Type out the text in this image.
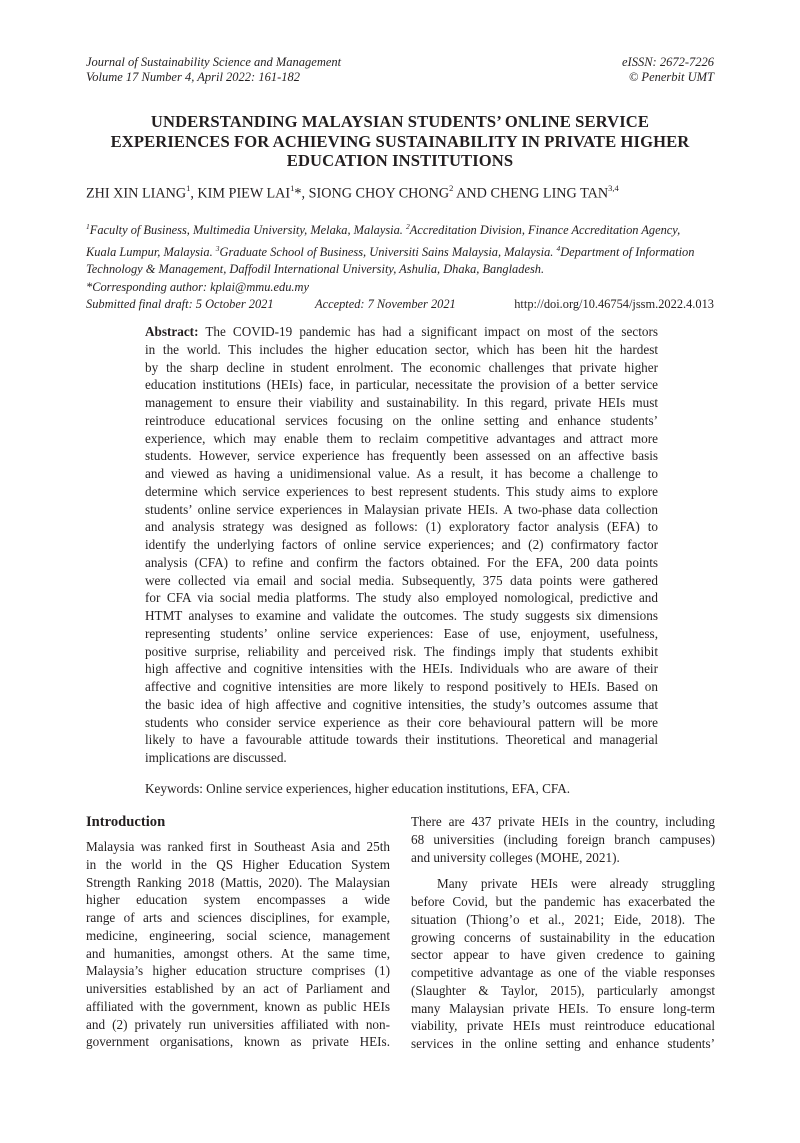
Journal of Sustainability Science and Management
Volume 17 Number 4, April 2022: 161-182
eISSN: 2672-7226
© Penerbit UMT
UNDERSTANDING MALAYSIAN STUDENTS’ ONLINE SERVICE
EXPERIENCES FOR ACHIEVING SUSTAINABILITY IN PRIVATE HIGHER
EDUCATION INSTITUTIONS
ZHI XIN LIANG$^1$, KIM PIEW LAI$^1$*, SIONG CHOY CHONG$^2$ AND CHENG LING TAN$^{3,4}$
$^1$Faculty of Business, Multimedia University, Melaka, Malaysia. $^2$Accreditation Division, Finance Accreditation Agency,
Kuala Lumpur, Malaysia. $^3$Graduate School of Business, Universiti Sains Malaysia, Malaysia. $^4$Department of Information
Technology & Management, Daffodil International University, Ashulia, Dhaka, Bangladesh.
*Corresponding author: kplai@mmu.edu.my
Submitted final draft: 5 October 2021	Accepted: 7 November 2021	http://doi.org/10.46754/jssm.2022.4.013
Abstract: The COVID-19 pandemic has had a significant impact on most of the sectors
in the world. This includes the higher education sector, which has been hit the hardest
by the sharp decline in student enrolment. The economic challenges that private higher
education institutions (HEIs) face, in particular, necessitate the provision of a better service
management to ensure their viability and sustainability. In this regard, private HEIs must
reintroduce educational services focusing on the online setting and enhance students’
experience, which may enable them to reclaim competitive advantages and attract more
students. However, service experience has frequently been assessed on an affective basis
and viewed as having a unidimensional value. As a result, it has become a challenge to
determine which service experiences to best represent students. This study aims to explore
students’ online service experiences in Malaysian private HEIs. A two-phase data collection
and analysis strategy was designed as follows: (1) exploratory factor analysis (EFA) to
identify the underlying factors of online service experiences; and (2) confirmatory factor
analysis (CFA) to refine and confirm the factors obtained. For the EFA, 200 data points
were collected via email and social media. Subsequently, 375 data points were gathered
for CFA via social media platforms. The study also employed nomological, predictive and
HTMT analyses to examine and validate the outcomes. The study suggests six dimensions
representing students’ online service experiences: Ease of use, enjoyment, usefulness,
positive surprise, reliability and perceived risk. The findings imply that students exhibit
high affective and cognitive intensities with the HEIs. Individuals who are aware of their
affective and cognitive intensities are more likely to respond positively to HEIs. Based on
the basic idea of high affective and cognitive intensities, the study’s outcomes assume that
students who consider service experience as their core behavioural pattern will be more
likely to have a favourable attitude towards their institutions. Theoretical and managerial
implications are discussed.
Keywords: Online service experiences, higher education institutions, EFA, CFA.
Introduction
Malaysia was ranked first in Southeast Asia and 25th
in the world in the QS Higher Education System
Strength Ranking 2018 (Mattis, 2020). The Malaysian
higher education system encompasses a wide
range of arts and sciences disciplines, for example,
medicine, engineering, social science, management
and humanities, amongst others. At the same time,
Malaysia’s higher education structure comprises (1)
universities established by an act of Parliament and
affiliated with the government, known as public HEIs
and (2) privately run universities affiliated with non-
government organisations, known as private HEIs.
There are 437 private HEIs in the country, including
68 universities (including foreign branch campuses)
and university colleges (MOHE, 2021).
Many private HEIs were already struggling
before Covid, but the pandemic has exacerbated the
situation (Thiong’o et al., 2021; Eide, 2018). The
growing concerns of sustainability in the education
sector appear to have given credence to gaining
competitive advantage as one of the viable responses
(Slaughter & Taylor, 2015), particularly amongst
many Malaysian private HEIs. To ensure long-term
viability, private HEIs must reintroduce educational
services in the online setting and enhance students’
